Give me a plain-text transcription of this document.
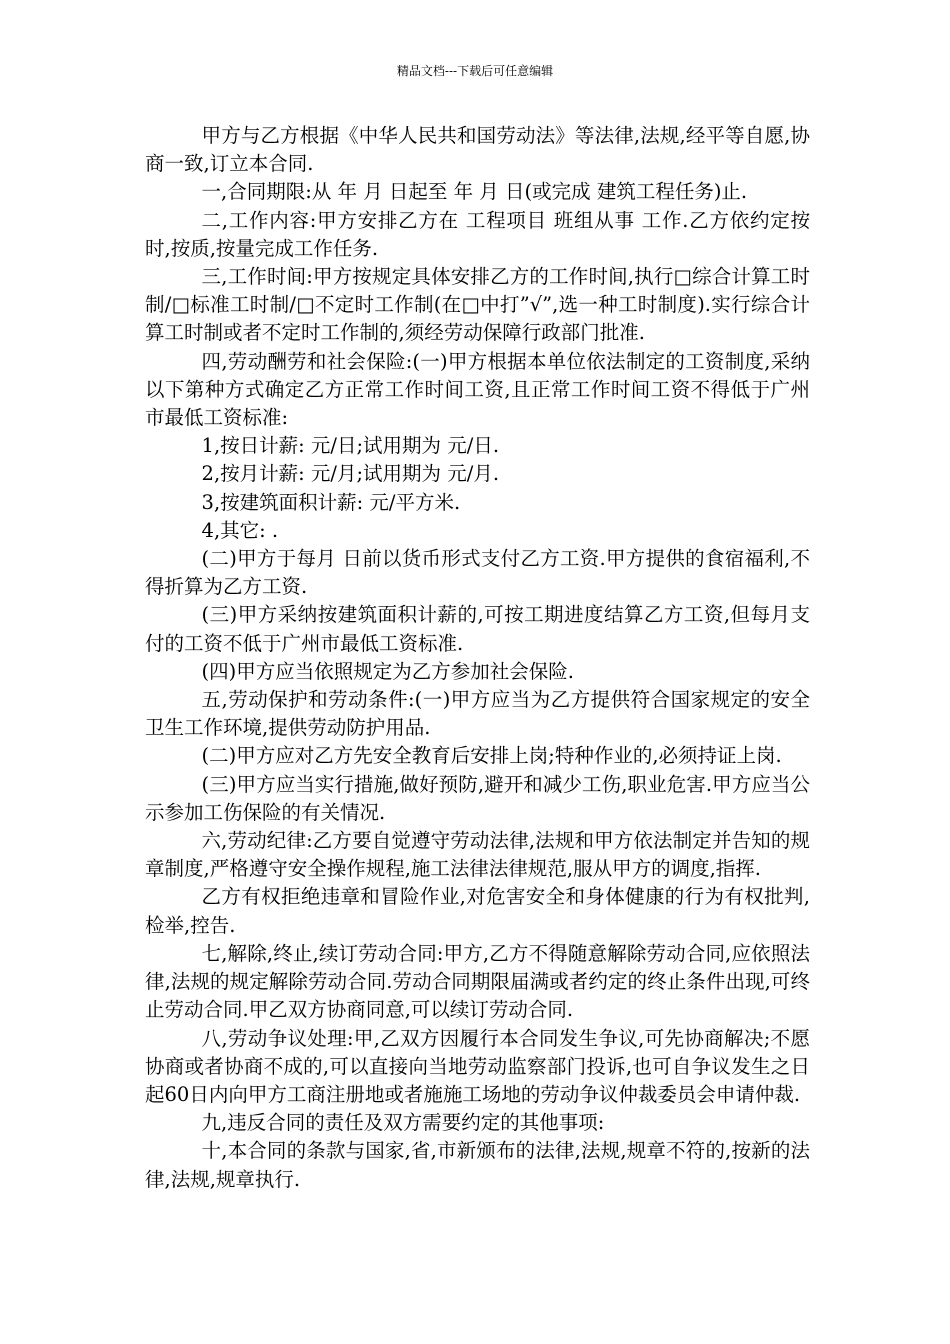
精品文档---下载后可任意编辑

甲方与乙方根据《中华人民共和国劳动法》等法律,法规,经平等自愿,协商一致,订立本合同.

一,合同期限:从 年 月 日起至 年 月 日(或完成 建筑工程任务)止.

二,工作内容:甲方安排乙方在 工程项目 班组从事 工作.乙方依约定按时,按质,按量完成工作任务.

三,工作时间:甲方按规定具体安排乙方的工作时间,执行□综合计算工时制/□标准工时制/□不定时工作制(在□中打”√”,选一种工时制度).实行综合计算工时制或者不定时工作制的,须经劳动保障行政部门批准.

四,劳动酬劳和社会保险:(一)甲方根据本单位依法制定的工资制度,采纳以下第种方式确定乙方正常工作时间工资,且正常工作时间工资不得低于广州市最低工资标准:

1,按日计薪: 元/日;试用期为 元/日.

2,按月计薪: 元/月;试用期为 元/月.

3,按建筑面积计薪: 元/平方米.

4,其它: .

(二)甲方于每月 日前以货币形式支付乙方工资.甲方提供的食宿福利,不得折算为乙方工资.

(三)甲方采纳按建筑面积计薪的,可按工期进度结算乙方工资,但每月支付的工资不低于广州市最低工资标准.

(四)甲方应当依照规定为乙方参加社会保险.

五,劳动保护和劳动条件:(一)甲方应当为乙方提供符合国家规定的安全卫生工作环境,提供劳动防护用品.

(二)甲方应对乙方先安全教育后安排上岗;特种作业的,必须持证上岗.

(三)甲方应当实行措施,做好预防,避开和减少工伤,职业危害.甲方应当公示参加工伤保险的有关情况.

六,劳动纪律:乙方要自觉遵守劳动法律,法规和甲方依法制定并告知的规章制度,严格遵守安全操作规程,施工法律法律规范,服从甲方的调度,指挥.

乙方有权拒绝违章和冒险作业,对危害安全和身体健康的行为有权批判,检举,控告.

七,解除,终止,续订劳动合同:甲方,乙方不得随意解除劳动合同,应依照法律,法规的规定解除劳动合同.劳动合同期限届满或者约定的终止条件出现,可终止劳动合同.甲乙双方协商同意,可以续订劳动合同.

八,劳动争议处理:甲,乙双方因履行本合同发生争议,可先协商解决;不愿协商或者协商不成的,可以直接向当地劳动监察部门投诉,也可自争议发生之日起60日内向甲方工商注册地或者施施工场地的劳动争议仲裁委员会申请仲裁.

九,违反合同的责任及双方需要约定的其他事项:

十,本合同的条款与国家,省,市新颁布的法律,法规,规章不符的,按新的法律,法规,规章执行.
